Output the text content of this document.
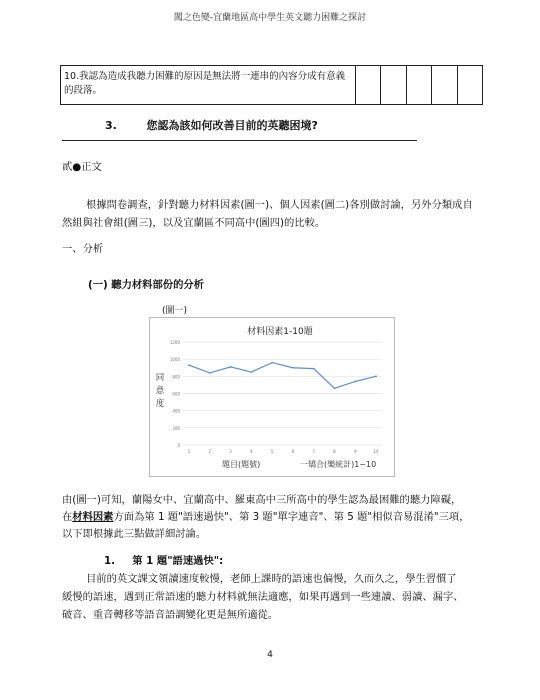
闖之色變-宜蘭地區高中學生英文聽力困難之探討
10.我認為造成我聽力困難的原因是無法將一連串的內容分成有意義的段落。					
3.	您認為該如何改善目前的英聽困境?
貳●正文
根據問卷調查，針對聽力材料因素(圖一)、個人因素(圖二)各別做討論，另外分類成自然組與社會組(圖三)，以及宜蘭區不同高中(圖四)的比較。
一、分析
(一) 聽力材料部份的分析
(圖一)
材料因素1-10題
0
200
400
600
800
1000
1200
1	2	3	4	5	6	7	8	9	10
同意度
題目(題號)	一矯合(樂統計)1~10
由(圖一)可知，蘭陽女中、宜蘭高中、羅東高中三所高中的學生認為最困難的聽力障礙，
在材料因素方面為第 1 題"語速過快"、第 3 題"單字連音"、第 5 題"相似音易混淆"三項，
以下即根據此三點做詳細討論。
1. 第 1 題"語速過快":
目前的英文課文領讀速度較慢，老師上課時的語速也偏慢，久而久之，學生習慣了
緩慢的語速，遇到正常語速的聽力材料就無法適應，如果再遇到一些連讀、弱讀、漏字、
破音、重音轉移等語音語調變化更是無所適從。
4
